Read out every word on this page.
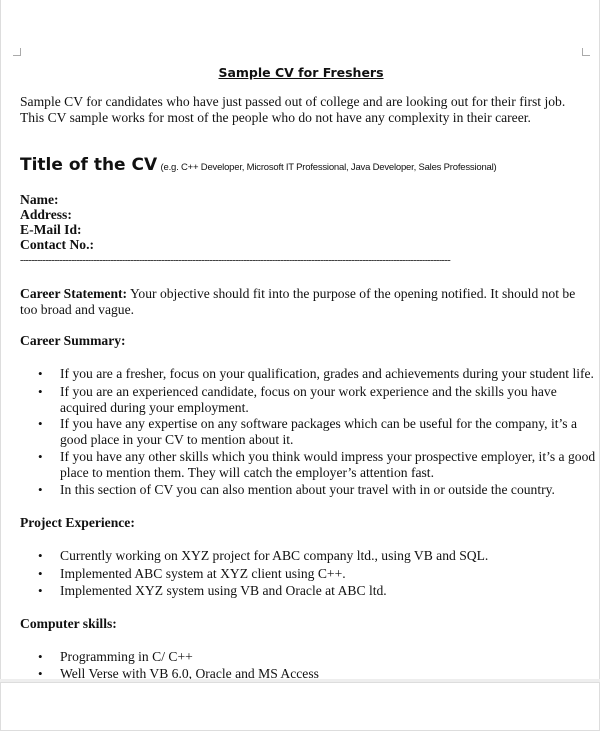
Sample CV for Freshers
Sample CV for candidates who have just passed out of college and are looking out for their first job.
This CV sample works for most of the people who do not have any complexity in their career.
Title of the CV (e.g. C++ Developer, Microsoft IT Professional, Java Developer, Sales Professional)
Name:
Address:
E-Mail Id:
Contact No.:
--------------------------------------------------------------------------------------------------------------------------------------------------------
Career Statement: Your objective should fit into the purpose of the opening notified. It should not be
too broad and vague.
Career Summary:
• If you are a fresher, focus on your qualification, grades and achievements during your student life.
• If you are an experienced candidate, focus on your work experience and the skills you have
acquired during your employment.
• If you have any expertise on any software packages which can be useful for the company, it’s a
good place in your CV to mention about it.
• If you have any other skills which you think would impress your prospective employer, it’s a good
place to mention them. They will catch the employer’s attention fast.
• In this section of CV you can also mention about your travel with in or outside the country.
Project Experience:
• Currently working on XYZ project for ABC company ltd., using VB and SQL.
• Implemented ABC system at XYZ client using C++.
• Implemented XYZ system using VB and Oracle at ABC ltd.
Computer skills:
• Programming in C/ C++
• Well Verse with VB 6.0, Oracle and MS Access
